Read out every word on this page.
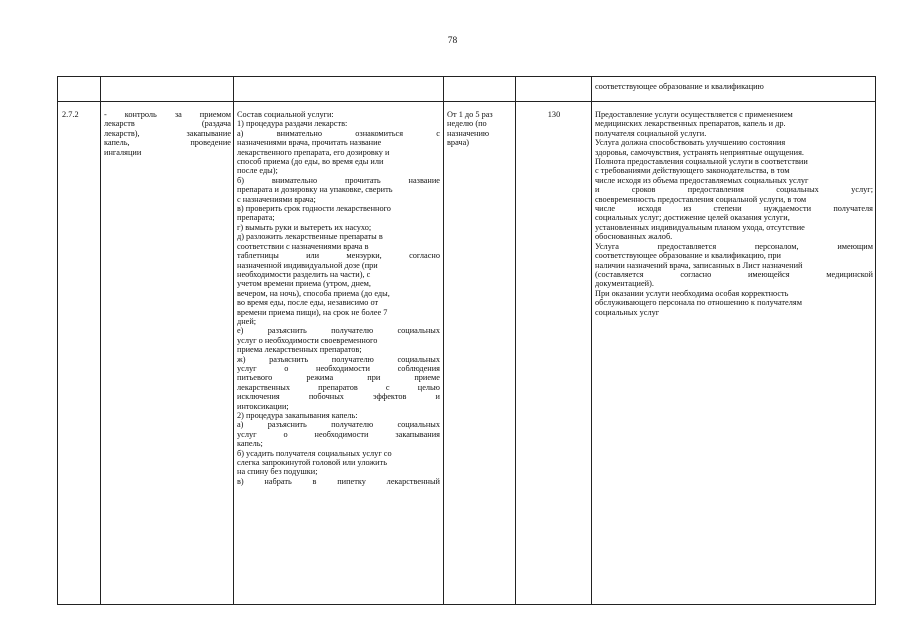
78
соответствующее образование и квалификацию
2.7.2	- контроль за приемом
лекарств (раздача
лекарств), закапывание
капель, проведение
ингаляции
Состав социальной услуги:
1) процедура раздачи лекарств:
а) внимательно ознакомиться с
назначениями врача, прочитать название
лекарственного препарата, его дозировку и
способ приема (до еды, во время еды или
после еды);
б) внимательно прочитать название
препарата и дозировку на упаковке, сверить
с назначениями врача;
в) проверить срок годности лекарственного
препарата;
г) вымыть руки и вытереть их насухо;
д) разложить лекарственные препараты в
соответствии с назначениями врача в
таблетницы или мензурки, согласно
назначенной индивидуальной дозе (при
необходимости разделить на части), с
учетом времени приема (утром, днем,
вечером, на ночь), способа приема (до еды,
во время еды, после еды, независимо от
времени приема пищи), на срок не более 7
дней;
е) разъяснить получателю социальных
услуг о необходимости своевременного
приема лекарственных препаратов;
ж) разъяснить получателю социальных
услуг о необходимости соблюдения
питьевого режима при приеме
лекарственных препаратов с целью
исключения побочных эффектов и
интоксикации;
2) процедура закапывания капель:
а) разъяснить получателю социальных
услуг о необходимости закапывания
капель;
б) усадить получателя социальных услуг со
слегка запрокинутой головой или уложить
на спину без подушки;
в) набрать в пипетку лекарственный
От 1 до 5 раз
неделю (по
назначению
врача)
130	Предоставление услуги осуществляется с применением
медицинских лекарственных препаратов, капель и др.
получателя социальной услуги.
Услуга должна способствовать улучшению состояния
здоровья, самочувствия, устранять неприятные ощущения.
Полнота предоставления социальной услуги в соответствии
с требованиями действующего законодательства, в том
числе исходя из объема предоставляемых социальных услуг
и сроков предоставления социальных услуг;
своевременность предоставления социальной услуги, в том
числе исходя из степени нуждаемости получателя
социальных услуг; достижение целей оказания услуги,
установленных индивидуальным планом ухода, отсутствие
обоснованных жалоб.
Услуга предоставляется персоналом, имеющим
соответствующее образование и квалификацию, при
наличии назначений врача, записанных в Лист назначений
(составляется согласно имеющейся медицинской
документацией).
При оказании услуги необходима особая корректность
обслуживающего персонала по отношению к получателям
социальных услуг
